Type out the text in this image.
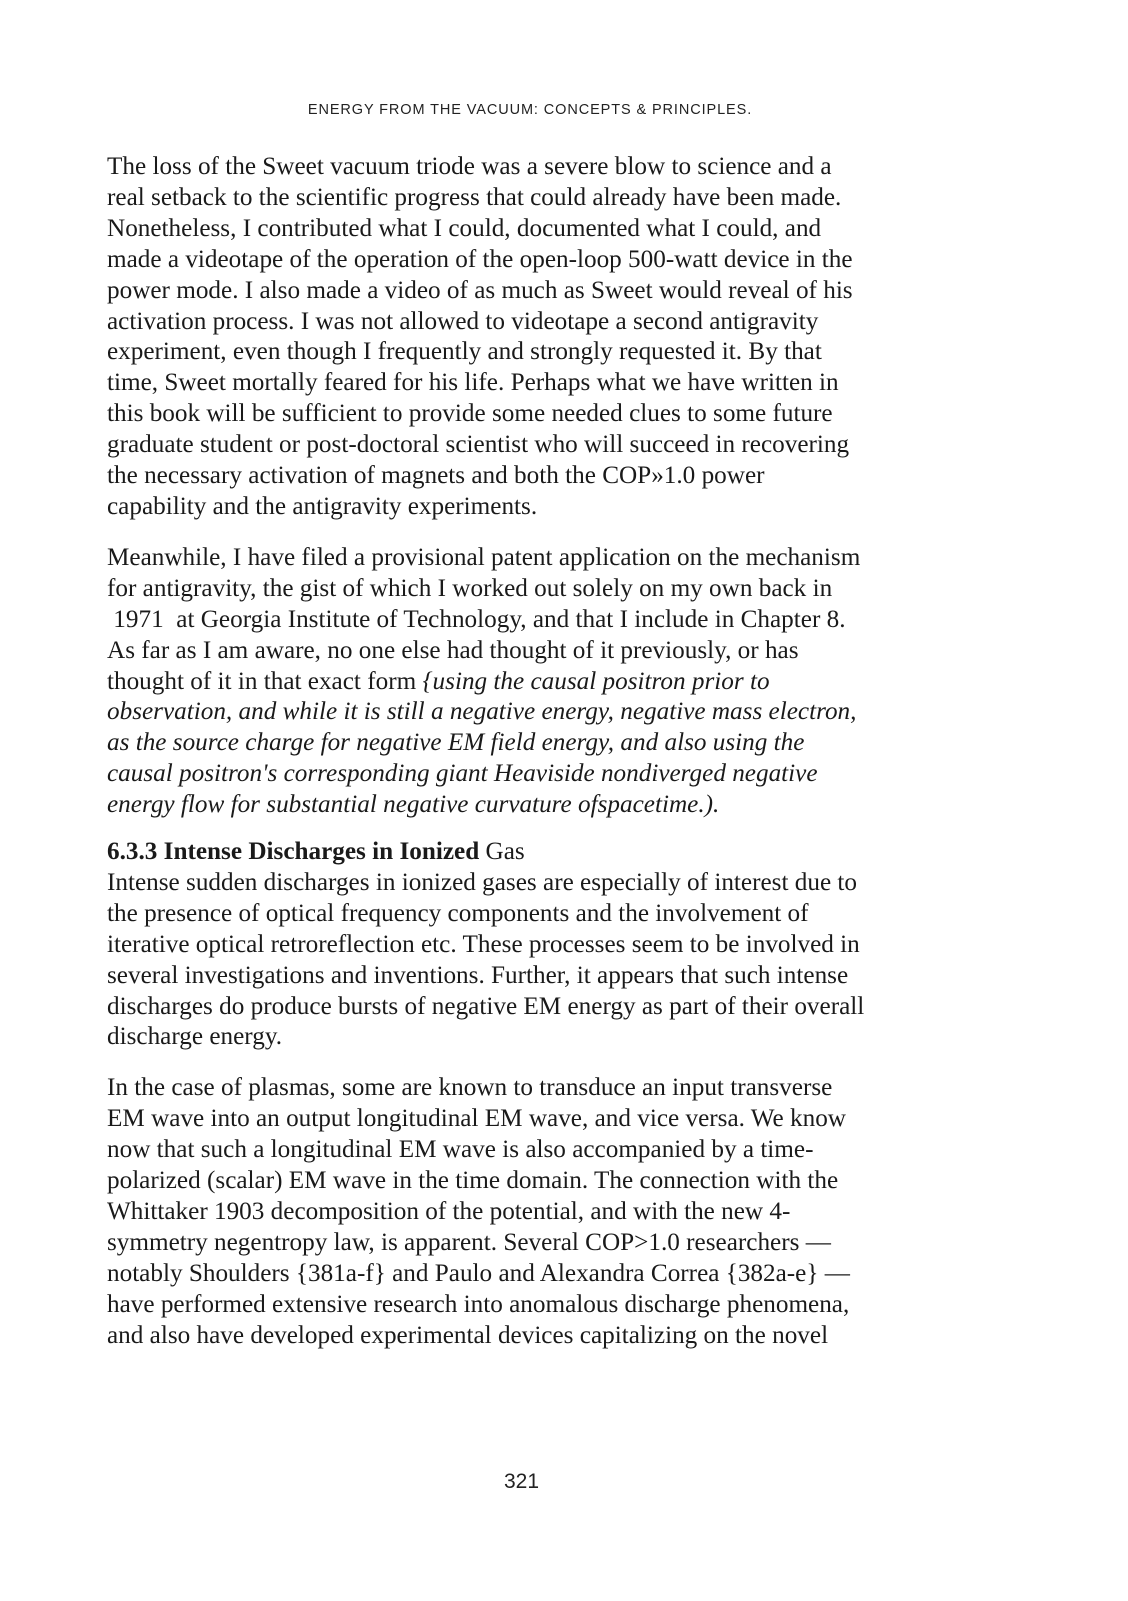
ENERGY FROM THE VACUUM: CONCEPTS & PRINCIPLES.

The loss of the Sweet vacuum triode was a severe blow to science and a
real setback to the scientific progress that could already have been made.
Nonetheless, I contributed what I could, documented what I could, and
made a videotape of the operation of the open-loop 500-watt device in the
power mode. I also made a video of as much as Sweet would reveal of his
activation process. I was not allowed to videotape a second antigravity
experiment, even though I frequently and strongly requested it. By that
time, Sweet mortally feared for his life. Perhaps what we have written in
this book will be sufficient to provide some needed clues to some future
graduate student or post-doctoral scientist who will succeed in recovering
the necessary activation of magnets and both the COP»1.0 power
capability and the antigravity experiments.

Meanwhile, I have filed a provisional patent application on the mechanism
for antigravity, the gist of which I worked out solely on my own back in
1971  at Georgia Institute of Technology, and that I include in Chapter 8.
As far as I am aware, no one else had thought of it previously, or has
thought of it in that exact form {using the causal positron prior to
observation, and while it is still a negative energy, negative mass electron,
as the source charge for negative EM field energy, and also using the
causal positron's corresponding giant Heaviside nondiverged negative
energy flow for substantial negative curvature ofspacetime.).

6.3.3 Intense Discharges in Ionized Gas

Intense sudden discharges in ionized gases are especially of interest due to
the presence of optical frequency components and the involvement of
iterative optical retroreflection etc. These processes seem to be involved in
several investigations and inventions. Further, it appears that such intense
discharges do produce bursts of negative EM energy as part of their overall
discharge energy.

In the case of plasmas, some are known to transduce an input transverse
EM wave into an output longitudinal EM wave, and vice versa. We know
now that such a longitudinal EM wave is also accompanied by a time-
polarized (scalar) EM wave in the time domain. The connection with the
Whittaker 1903 decomposition of the potential, and with the new 4-
symmetry negentropy law, is apparent. Several COP>1.0 researchers —
notably Shoulders {381a-f} and Paulo and Alexandra Correa {382a-e} —
have performed extensive research into anomalous discharge phenomena,
and also have developed experimental devices capitalizing on the novel

321
